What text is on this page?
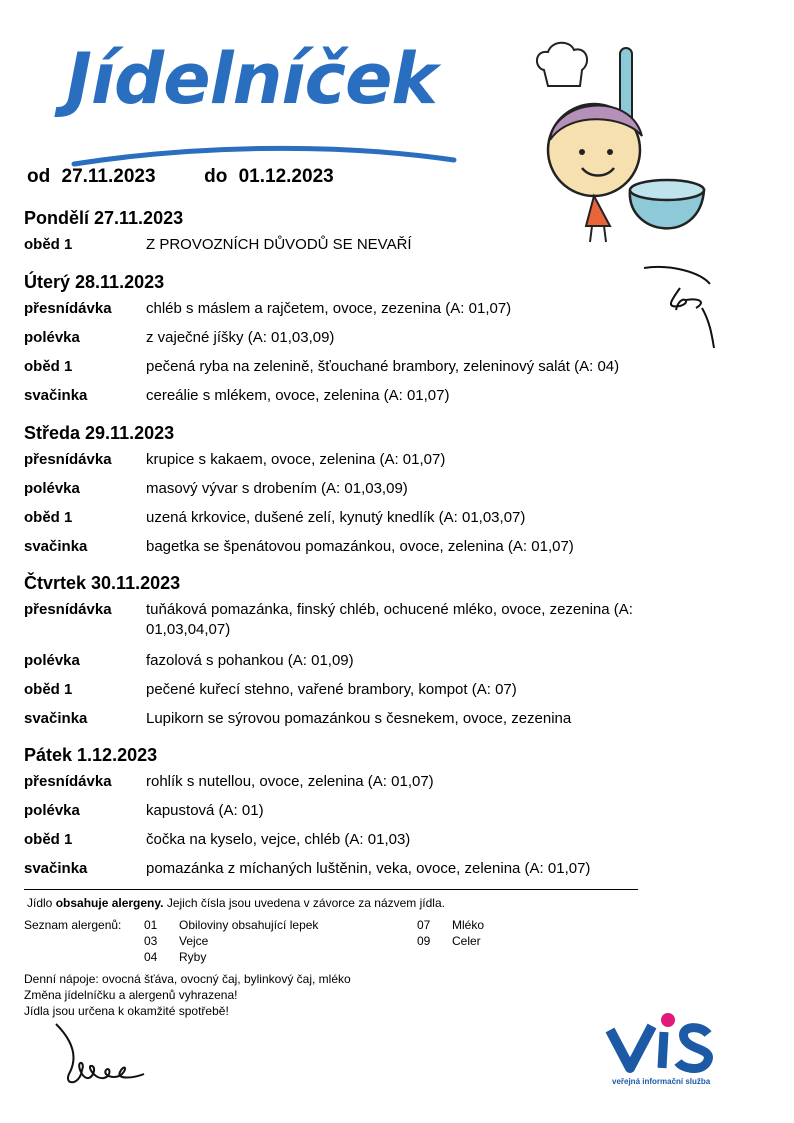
Jídelníček
od 27.11.2023	do 01.12.2023
Pondělí 27.11.2023
oběd 1	Z PROVOZNÍCH DŮVODŮ SE NEVAŘÍ
Úterý 28.11.2023
přesnídávka chléb s máslem a rajčetem, ovoce, zezenina (A: 01,07)
polévka	z vaječné jíšky (A: 01,03,09)
oběd 1	pečená ryba na zelenině, šťouchané brambory, zeleninový salát (A: 04)
svačinka	cereálie s mlékem, ovoce, zelenina (A: 01,07)
Středa 29.11.2023
přesnídávka krupice s kakaem, ovoce, zelenina (A: 01,07)
polévka	masový vývar s drobením (A: 01,03,09)
oběd 1	uzená krkovice, dušené zelí, kynutý knedlík (A: 01,03,07)
svačinka	bagetka se špenátovou pomazánkou, ovoce, zelenina (A: 01,07)
Čtvrtek 30.11.2023
přesnídávka tuňáková pomazánka, finský chléb, ochucené mléko, ovoce, zezenina (A: 01,03,04,07)
polévka	fazolová s pohankou (A: 01,09)
oběd 1	pečené kuřecí stehno, vařené brambory, kompot (A: 07)
svačinka	Lupikorn se sýrovou pomazánkou s česnekem, ovoce, zezenina
Pátek 1.12.2023
přesnídávka rohlík s nutellou, ovoce, zelenina (A: 01,07)
polévka	kapustová (A: 01)
oběd 1	čočka na kyselo, vejce, chléb (A: 01,03)
svačinka	pomazánka z míchaných luštěnin, veka, ovoce, zelenina (A: 01,07)
Jídlo obsahuje alergeny. Jejich čísla jsou uvedena v závorce za názvem jídla.
Seznam alergenů: 01 Obiloviny obsahující lepek
03 Vejce
04 Ryby
07 Mléko
09 Celer
Denní nápoje: ovocná šťáva, ovocný čaj, bylinkový čaj, mléko
Změna jídelníčku a alergenů vyhrazena!
Jídla jsou určena k okamžité spotřebě!
veřejná informační služba
